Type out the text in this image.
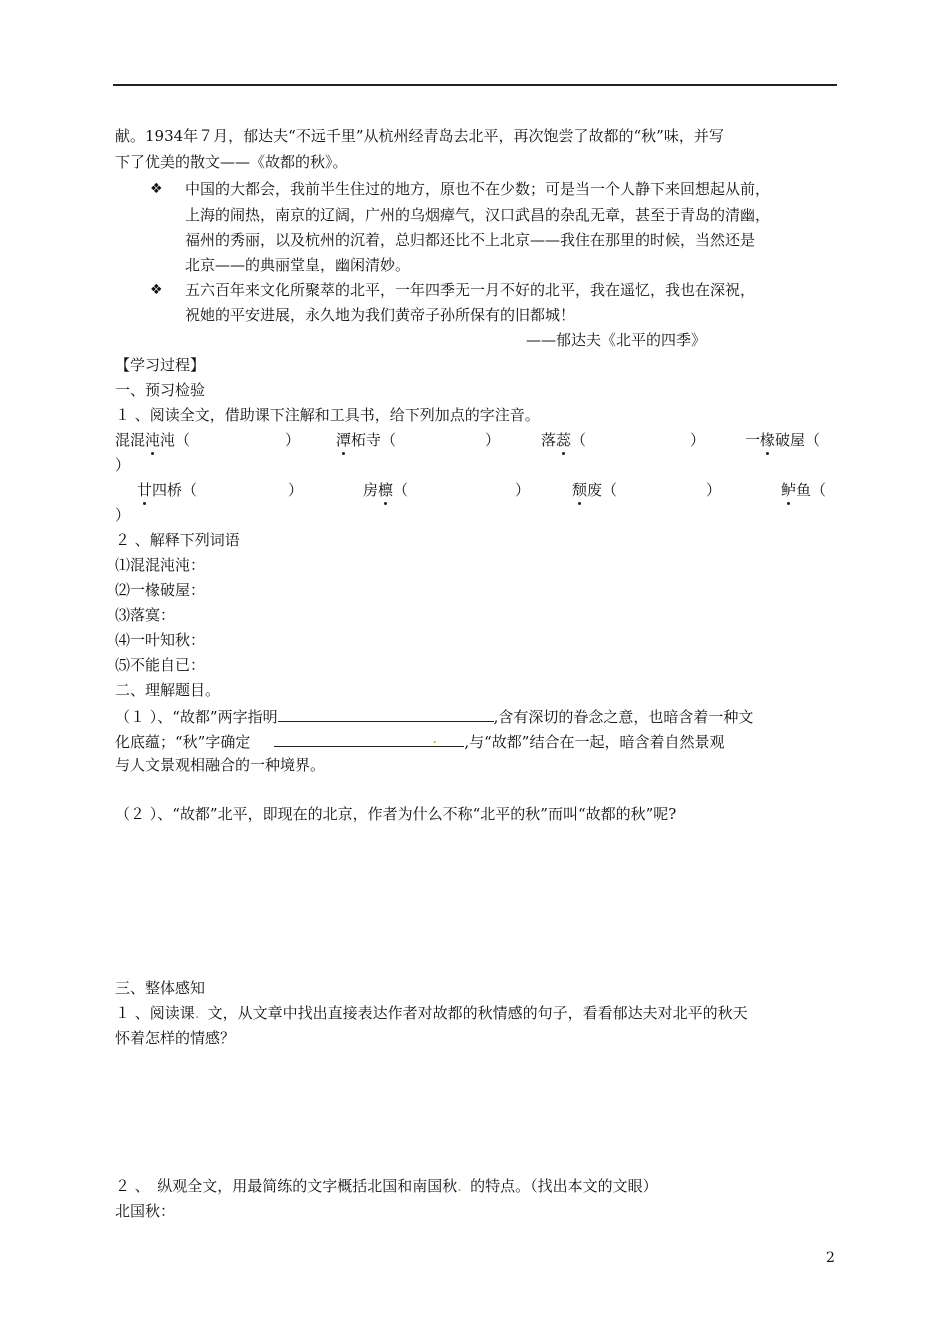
献。1934年７月，郁达夫“不远千里”从杭州经青岛去北平，再次饱尝了故都的“秋”味，并写
下了优美的散文——《故都的秋》。
❖ 中国的大都会，我前半生住过的地方，原也不在少数；可是当一个人静下来回想起从前，
上海的闹热，南京的辽阔，广州的乌烟瘴气，汉口武昌的杂乱无章，甚至于青岛的清幽，
福州的秀丽，以及杭州的沉着，总归都还比不上北京——我住在那里的时候，当然还是
北京——的典丽堂皇，幽闲清妙。
❖ 五六百年来文化所聚萃的北平，一年四季无一月不好的北平，我在遥忆，我也在深祝，
祝她的平安进展，永久地为我们黄帝子孙所保有的旧都城！
——郁达夫《北平的四季》
【学习过程】
一、预习检验
１ 、阅读全文，借助课下注解和工具书，给下列加点的字注音。
混混沌沌（	） 潭柘寺（	）	落蕊（	）	一椽破屋（
）
廿四桥（	）	房檩（	）	颓废（	）	鲈鱼（
）
２ 、解释下列词语
⑴混混沌沌：
⑵一椽破屋：
⑶落寞：
⑷一叶知秋：
⑸不能自已：
二、理解题目。
（１ ）、“故都”两字指明	,含有深切的眷念之意，也暗含着一种文
化底蕴；“秋”字确定	. ,与“故都”结合在一起，暗含着自然景观
与人文景观相融合的一种境界。
（２ ）、“故都”北平，即现在的北京，作者为什么不称“北平的秋”而叫“故都的秋”呢?
三、整体感知
１ 、阅读课. 文，从文章中找出直接表达作者对故都的秋情感的句子，看看郁达夫对北平的秋天
怀着怎样的情感？
２ 、　纵观全文，用最简练的文字概括北国和南国秋. 的特点。（找出本文的文眼）
北国秋：
2
